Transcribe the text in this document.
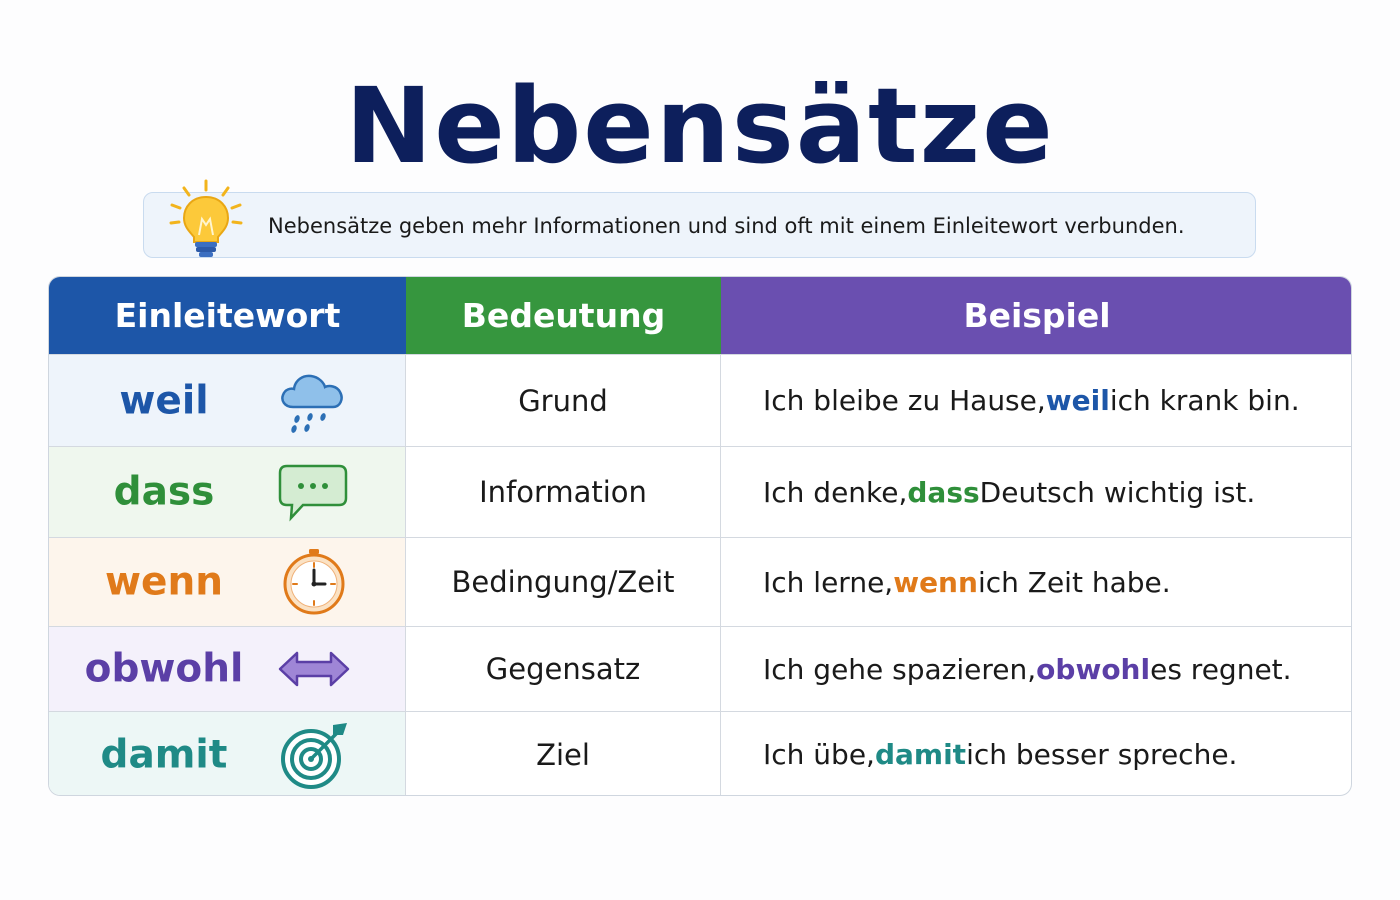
Nebensätze
Nebensätze geben mehr Informationen und sind oft mit einem Einleitewort verbunden.
Einleitewort	Bedeutung	Beispiel
weil	Grund	Ich bleibe zu Hause, weil ich krank bin.
dass	Information	Ich denke, dass Deutsch wichtig ist.
wenn	Bedingung/Zeit	Ich lerne, wenn ich Zeit habe.
obwohl	Gegensatz	Ich gehe spazieren, obwohl es regnet.
damit	Ziel	Ich übe, damit ich besser spreche.
